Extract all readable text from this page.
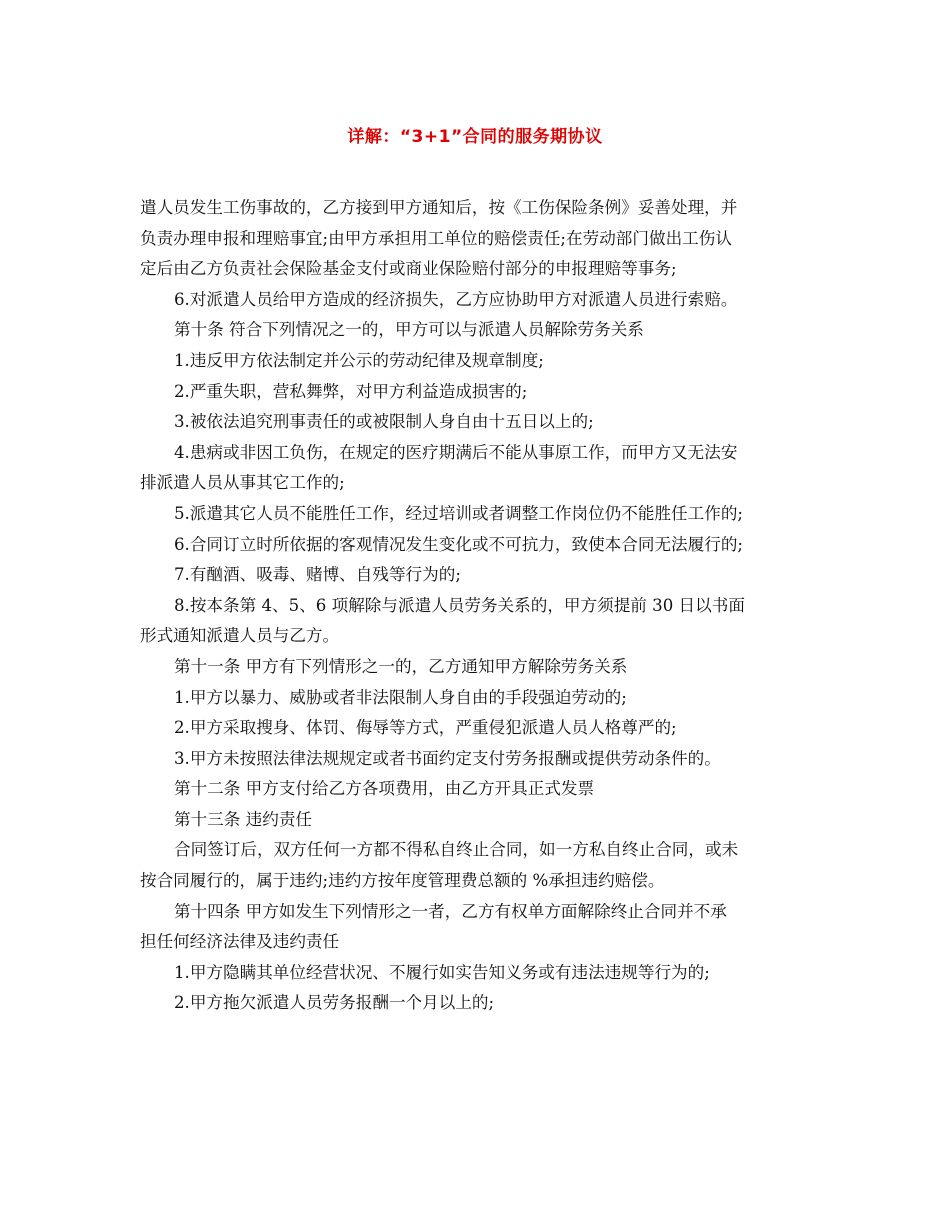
详解：“3+1”合同的服务期协议
遣人员发生工伤事故的，乙方接到甲方通知后，按《工伤保险条例》妥善处理，并
负责办理申报和理赔事宜;由甲方承担用工单位的赔偿责任;在劳动部门做出工伤认
定后由乙方负责社会保险基金支付或商业保险赔付部分的申报理赔等事务;
6.对派遣人员给甲方造成的经济损失，乙方应协助甲方对派遣人员进行索赔。
第十条 符合下列情况之一的，甲方可以与派遣人员解除劳务关系
1.违反甲方依法制定并公示的劳动纪律及规章制度;
2.严重失职，营私舞弊，对甲方利益造成损害的;
3.被依法追究刑事责任的或被限制人身自由十五日以上的;
4.患病或非因工负伤，在规定的医疗期满后不能从事原工作，而甲方又无法安
排派遣人员从事其它工作的;
5.派遣其它人员不能胜任工作，经过培训或者调整工作岗位仍不能胜任工作的;
6.合同订立时所依据的客观情况发生变化或不可抗力，致使本合同无法履行的;
7.有酗酒、吸毒、赌博、自残等行为的;
8.按本条第 4、5、6 项解除与派遣人员劳务关系的，甲方须提前 30 日以书面
形式通知派遣人员与乙方。
第十一条 甲方有下列情形之一的，乙方通知甲方解除劳务关系
1.甲方以暴力、威胁或者非法限制人身自由的手段强迫劳动的;
2.甲方采取搜身、体罚、侮辱等方式，严重侵犯派遣人员人格尊严的;
3.甲方未按照法律法规规定或者书面约定支付劳务报酬或提供劳动条件的。
第十二条 甲方支付给乙方各项费用，由乙方开具正式发票
第十三条 违约责任
合同签订后，双方任何一方都不得私自终止合同，如一方私自终止合同，或未
按合同履行的，属于违约;违约方按年度管理费总额的 %承担违约赔偿。
第十四条 甲方如发生下列情形之一者，乙方有权单方面解除终止合同并不承
担任何经济法律及违约责任
1.甲方隐瞒其单位经营状况、不履行如实告知义务或有违法违规等行为的;
2.甲方拖欠派遣人员劳务报酬一个月以上的;
